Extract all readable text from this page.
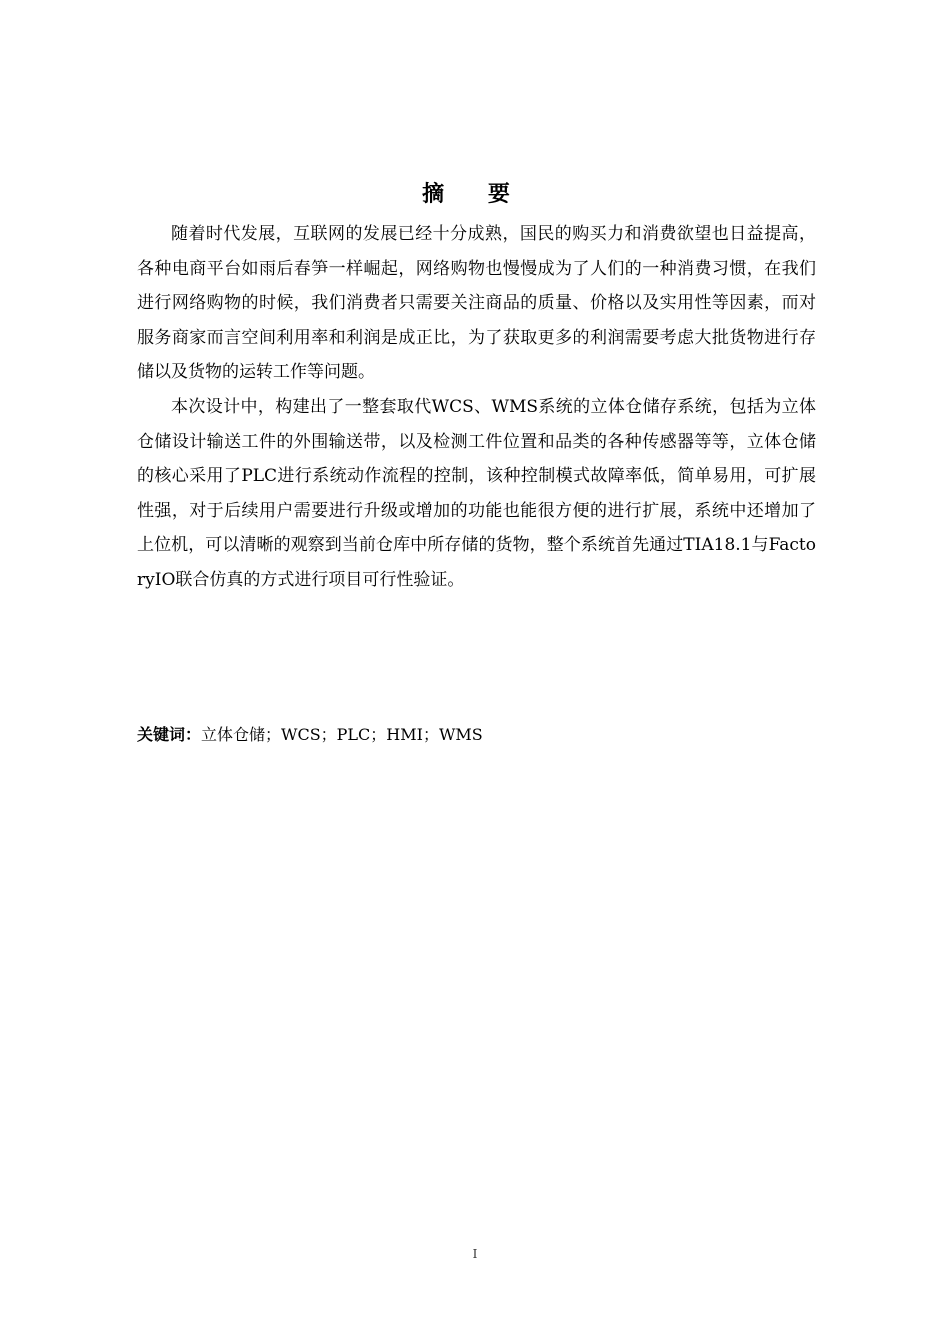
摘 要

随着时代发展，互联网的发展已经十分成熟，国民的购买力和消费欲望也日益提高，各种电商平台如雨后春笋一样崛起，网络购物也慢慢成为了人们的一种消费习惯，在我们进行网络购物的时候，我们消费者只需要关注商品的质量、价格以及实用性等因素，而对服务商家而言空间利用率和利润是成正比，为了获取更多的利润需要考虑大批货物进行存储以及货物的运转工作等问题。

本次设计中，构建出了一整套取代WCS、WMS系统的立体仓储存系统，包括为立体仓储设计输送工件的外围输送带，以及检测工件位置和品类的各种传感器等等，立体仓储的核心采用了PLC进行系统动作流程的控制，该种控制模式故障率低，简单易用，可扩展性强，对于后续用户需要进行升级或增加的功能也能很方便的进行扩展，系统中还增加了上位机，可以清晰的观察到当前仓库中所存储的货物，整个系统首先通过TIA18.1与FactoryIO联合仿真的方式进行项目可行性验证。

关键词：立体仓储；WCS；PLC；HMI；WMS

I
